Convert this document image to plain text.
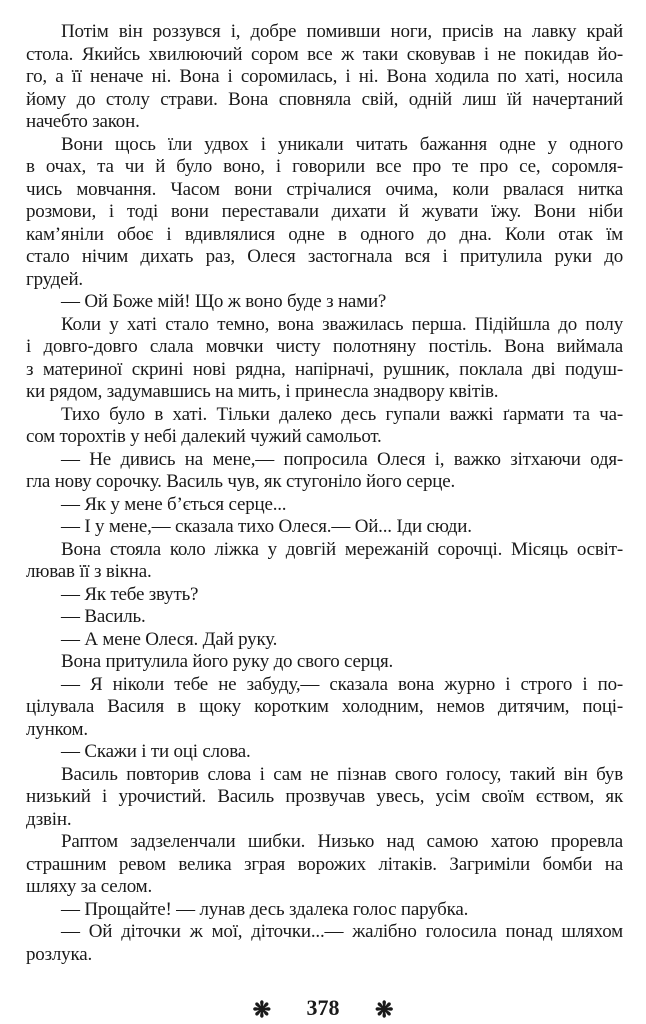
Потім він роззувся і, добре помивши ноги, присів на лавку край
стола. Якийсь хвилюючий сором все ж таки сковував і не покидав йо-
го, а її неначе ні. Вона і соромилась, і ні. Вона ходила по хаті, носила
йому до столу страви. Вона сповняла свій, одній лиш їй начертаний
начебто закон.
Вони щось їли удвох і уникали читать бажання одне у одного
в очах, та чи й було воно, і говорили все про те про се, соромля-
чись мовчання. Часом вони стрічалися очима, коли рвалася нитка
розмови, і тоді вони переставали дихати й жувати їжу. Вони ніби
кам’яніли обоє і вдивлялися одне в одного до дна. Коли отак їм
стало нічим дихать раз, Олеся застогнала вся і притулила руки до
грудей.
— Ой Боже мій! Що ж воно буде з нами?
Коли у хаті стало темно, вона зважилась перша. Підійшла до полу
і довго-довго слала мовчки чисту полотняну постіль. Вона виймала
з материної скрині нові рядна, напірначі, рушник, поклала дві подуш-
ки рядом, задумавшись на мить, і принесла знадвору квітів.
Тихо було в хаті. Тільки далеко десь гупали важкі ґармати та ча-
сом торохтів у небі далекий чужий самольот.
— Не дивись на мене,— попросила Олеся і, важко зітхаючи одя-
гла нову сорочку. Василь чув, як стугоніло його серце.
— Як у мене б’ється серце...
— І у мене,— сказала тихо Олеся.— Ой... Іди сюди.
Вона стояла коло ліжка у довгій мережаній сорочці. Місяць освіт-
лював її з вікна.
— Як тебе звуть?
— Василь.
— А мене Олеся. Дай руку.
Вона притулила його руку до свого серця.
— Я ніколи тебе не забуду,— сказала вона журно і строго і по-
цілувала Василя в щоку коротким холодним, немов дитячим, поці-
лунком.
— Скажи і ти оці слова.
Василь повторив слова і сам не пізнав свого голосу, такий він був
низький і урочистий. Василь прозвучав увесь, усім своїм єством, як
дзвін.
Раптом задзеленчали шибки. Низько над самою хатою проревла
страшним ревом велика зграя ворожих літаків. Загриміли бомби на
шляху за селом.
— Прощайте! — лунав десь здалека голос парубка.
— Ой діточки ж мої, діточки...— жалібно голосила понад шляхом
розлука.
❋ 378 ❋
